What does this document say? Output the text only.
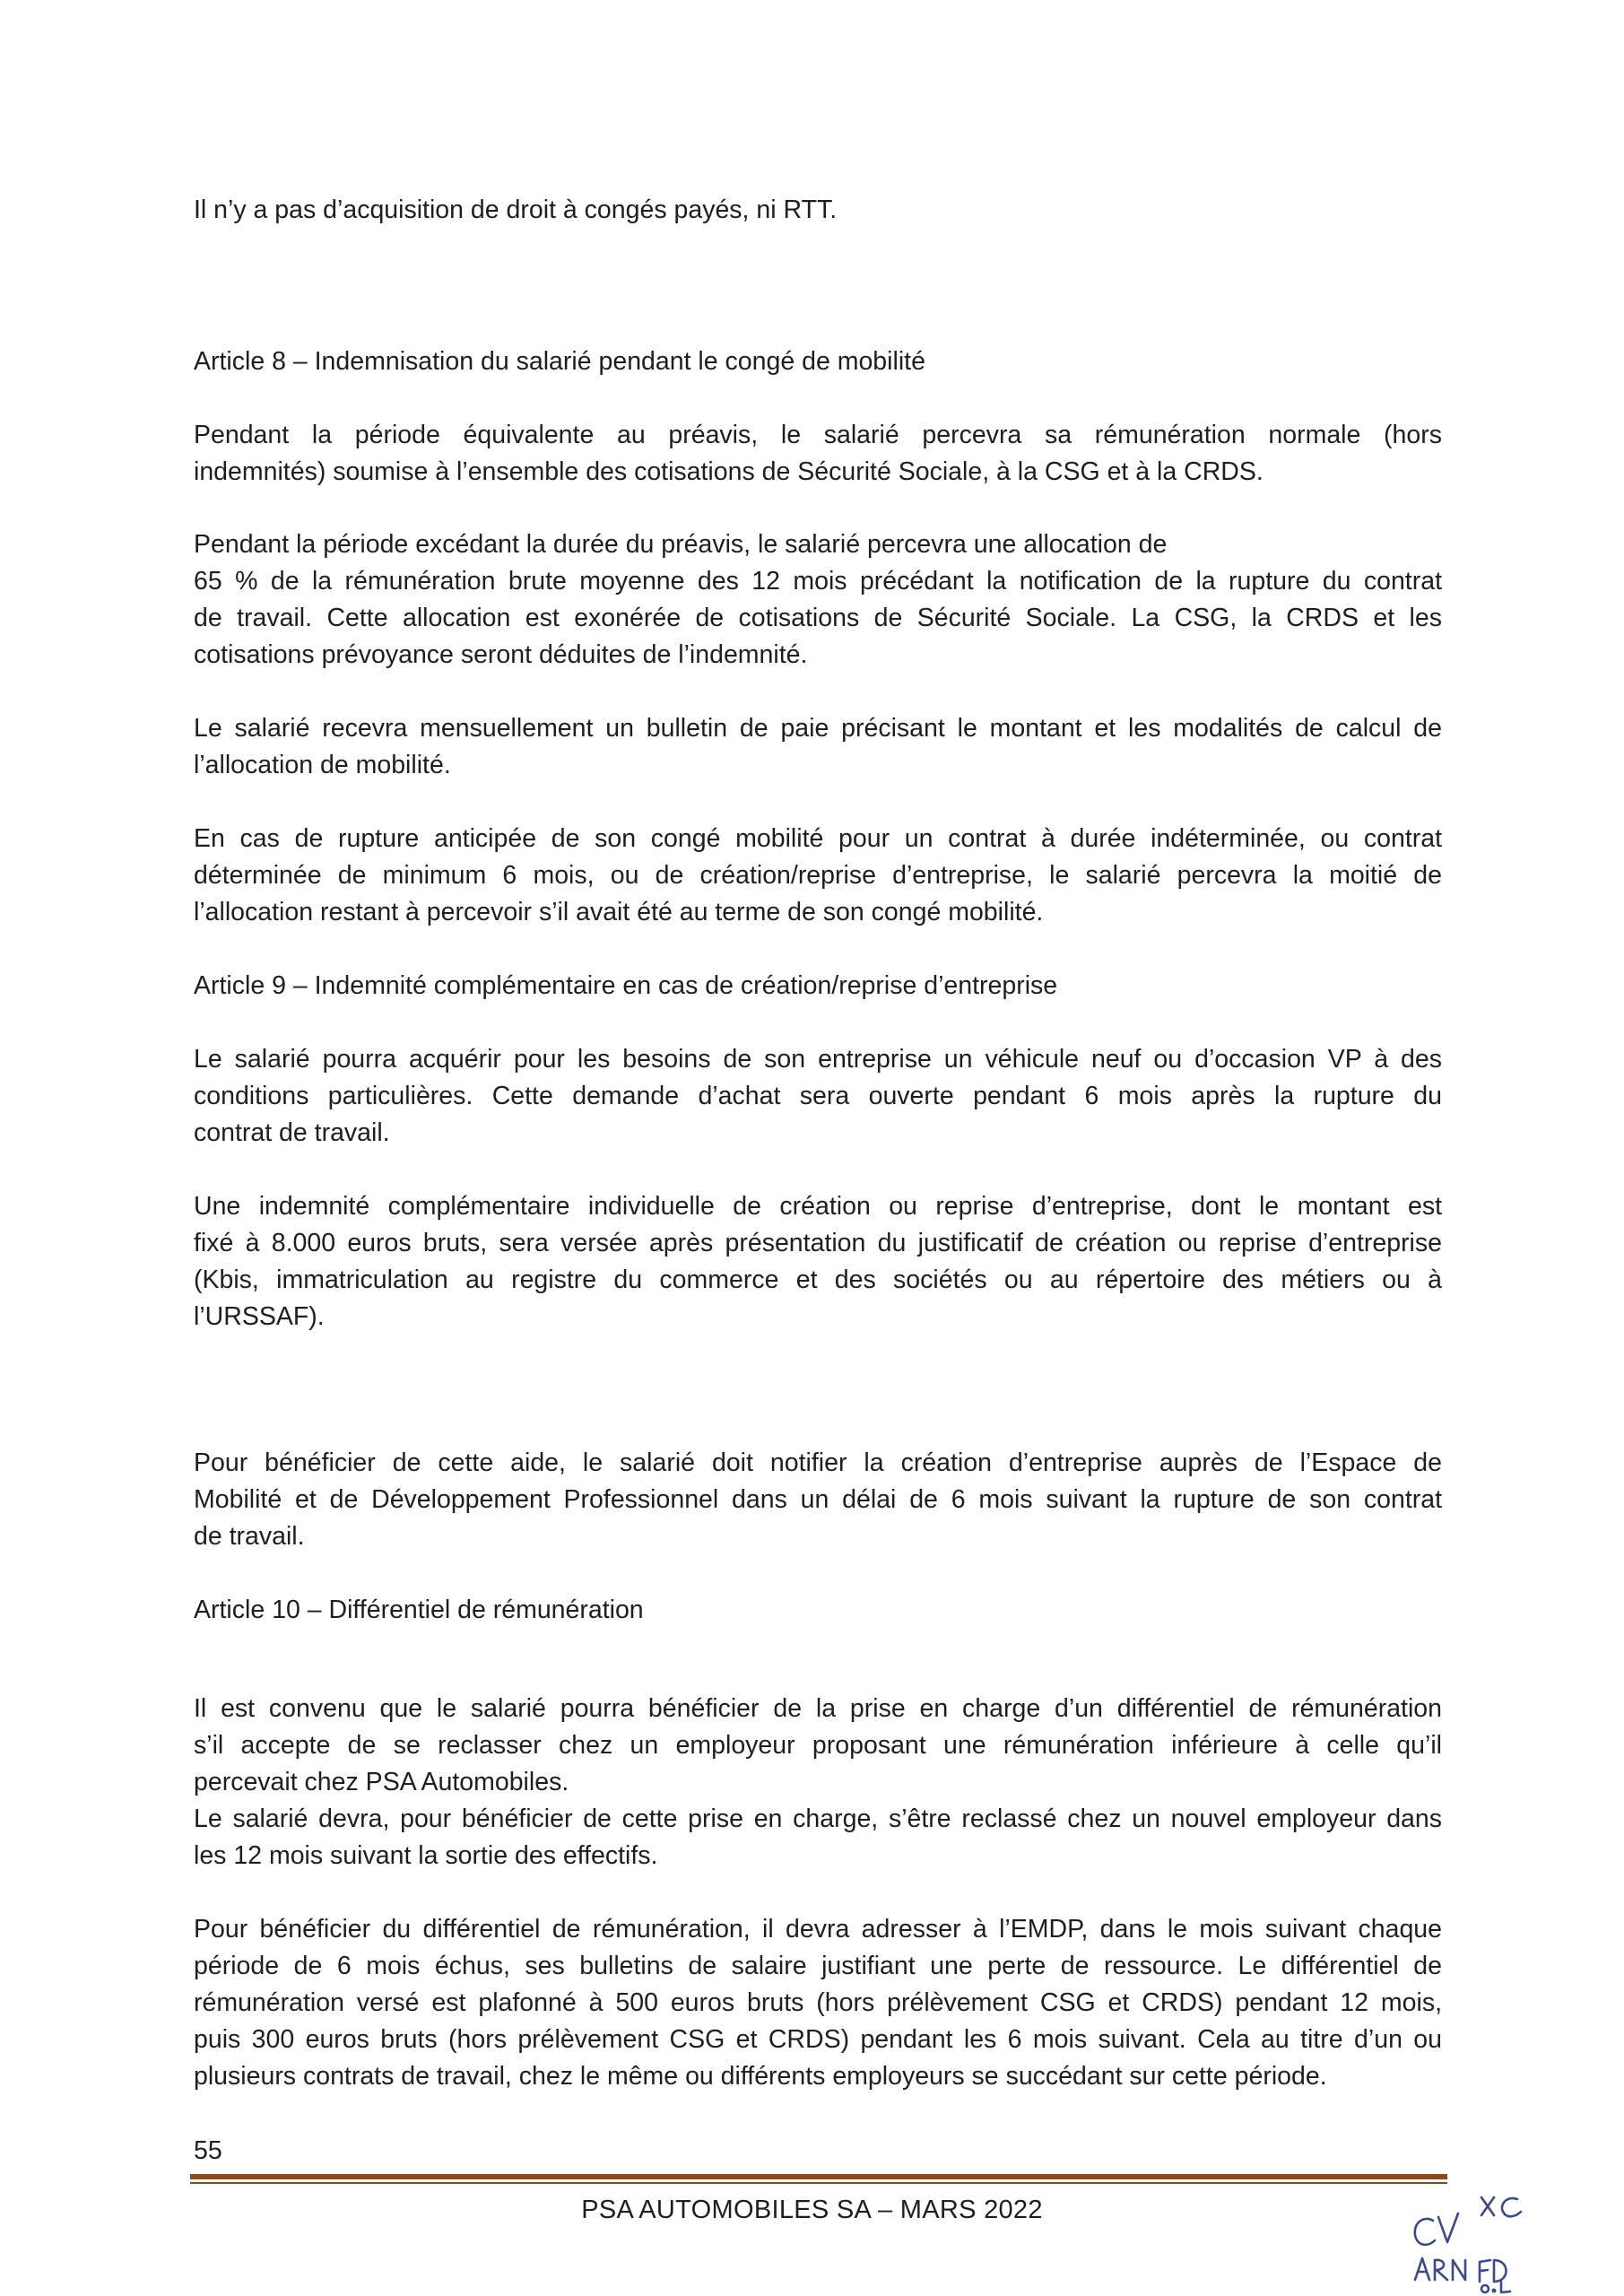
Il n’y a pas d’acquisition de droit à congés payés, ni RTT.

Article 8 – Indemnisation du salarié pendant le congé de mobilité

Pendant la période équivalente au préavis, le salarié percevra sa rémunération normale (hors
indemnités) soumise à l’ensemble des cotisations de Sécurité Sociale, à la CSG et à la CRDS.

Pendant la période excédant la durée du préavis, le salarié percevra une allocation de
65 % de la rémunération brute moyenne des 12 mois précédant la notification de la rupture du contrat
de travail. Cette allocation est exonérée de cotisations de Sécurité Sociale. La CSG, la CRDS et les
cotisations prévoyance seront déduites de l’indemnité.

Le salarié recevra mensuellement un bulletin de paie précisant le montant et les modalités de calcul de
l’allocation de mobilité.

En cas de rupture anticipée de son congé mobilité pour un contrat à durée indéterminée, ou contrat
déterminée de minimum 6 mois, ou de création/reprise d’entreprise, le salarié percevra la moitié de
l’allocation restant à percevoir s’il avait été au terme de son congé mobilité.

Article 9 – Indemnité complémentaire en cas de création/reprise d’entreprise

Le salarié pourra acquérir pour les besoins de son entreprise un véhicule neuf ou d’occasion VP à des
conditions particulières. Cette demande d’achat sera ouverte pendant 6 mois après la rupture du
contrat de travail.

Une indemnité complémentaire individuelle de création ou reprise d’entreprise, dont le montant est
fixé à 8.000 euros bruts, sera versée après présentation du justificatif de création ou reprise d’entreprise
(Kbis, immatriculation au registre du commerce et des sociétés ou au répertoire des métiers ou à
l’URSSAF).

Pour bénéficier de cette aide, le salarié doit notifier la création d’entreprise auprès de l’Espace de
Mobilité et de Développement Professionnel dans un délai de 6 mois suivant la rupture de son contrat
de travail.

Article 10 – Différentiel de rémunération

Il est convenu que le salarié pourra bénéficier de la prise en charge d’un différentiel de rémunération
s’il accepte de se reclasser chez un employeur proposant une rémunération inférieure à celle qu’il
percevait chez PSA Automobiles.
Le salarié devra, pour bénéficier de cette prise en charge, s’être reclassé chez un nouvel employeur dans
les 12 mois suivant la sortie des effectifs.

Pour bénéficier du différentiel de rémunération, il devra adresser à l’EMDP, dans le mois suivant chaque
période de 6 mois échus, ses bulletins de salaire justifiant une perte de ressource. Le différentiel de
rémunération versé est plafonné à 500 euros bruts (hors prélèvement CSG et CRDS) pendant 12 mois,
puis 300 euros bruts (hors prélèvement CSG et CRDS) pendant les 6 mois suivant. Cela au titre d’un ou
plusieurs contrats de travail, chez le même ou différents employeurs se succédant sur cette période.

55
PSA AUTOMOBILES SA – MARS 2022
